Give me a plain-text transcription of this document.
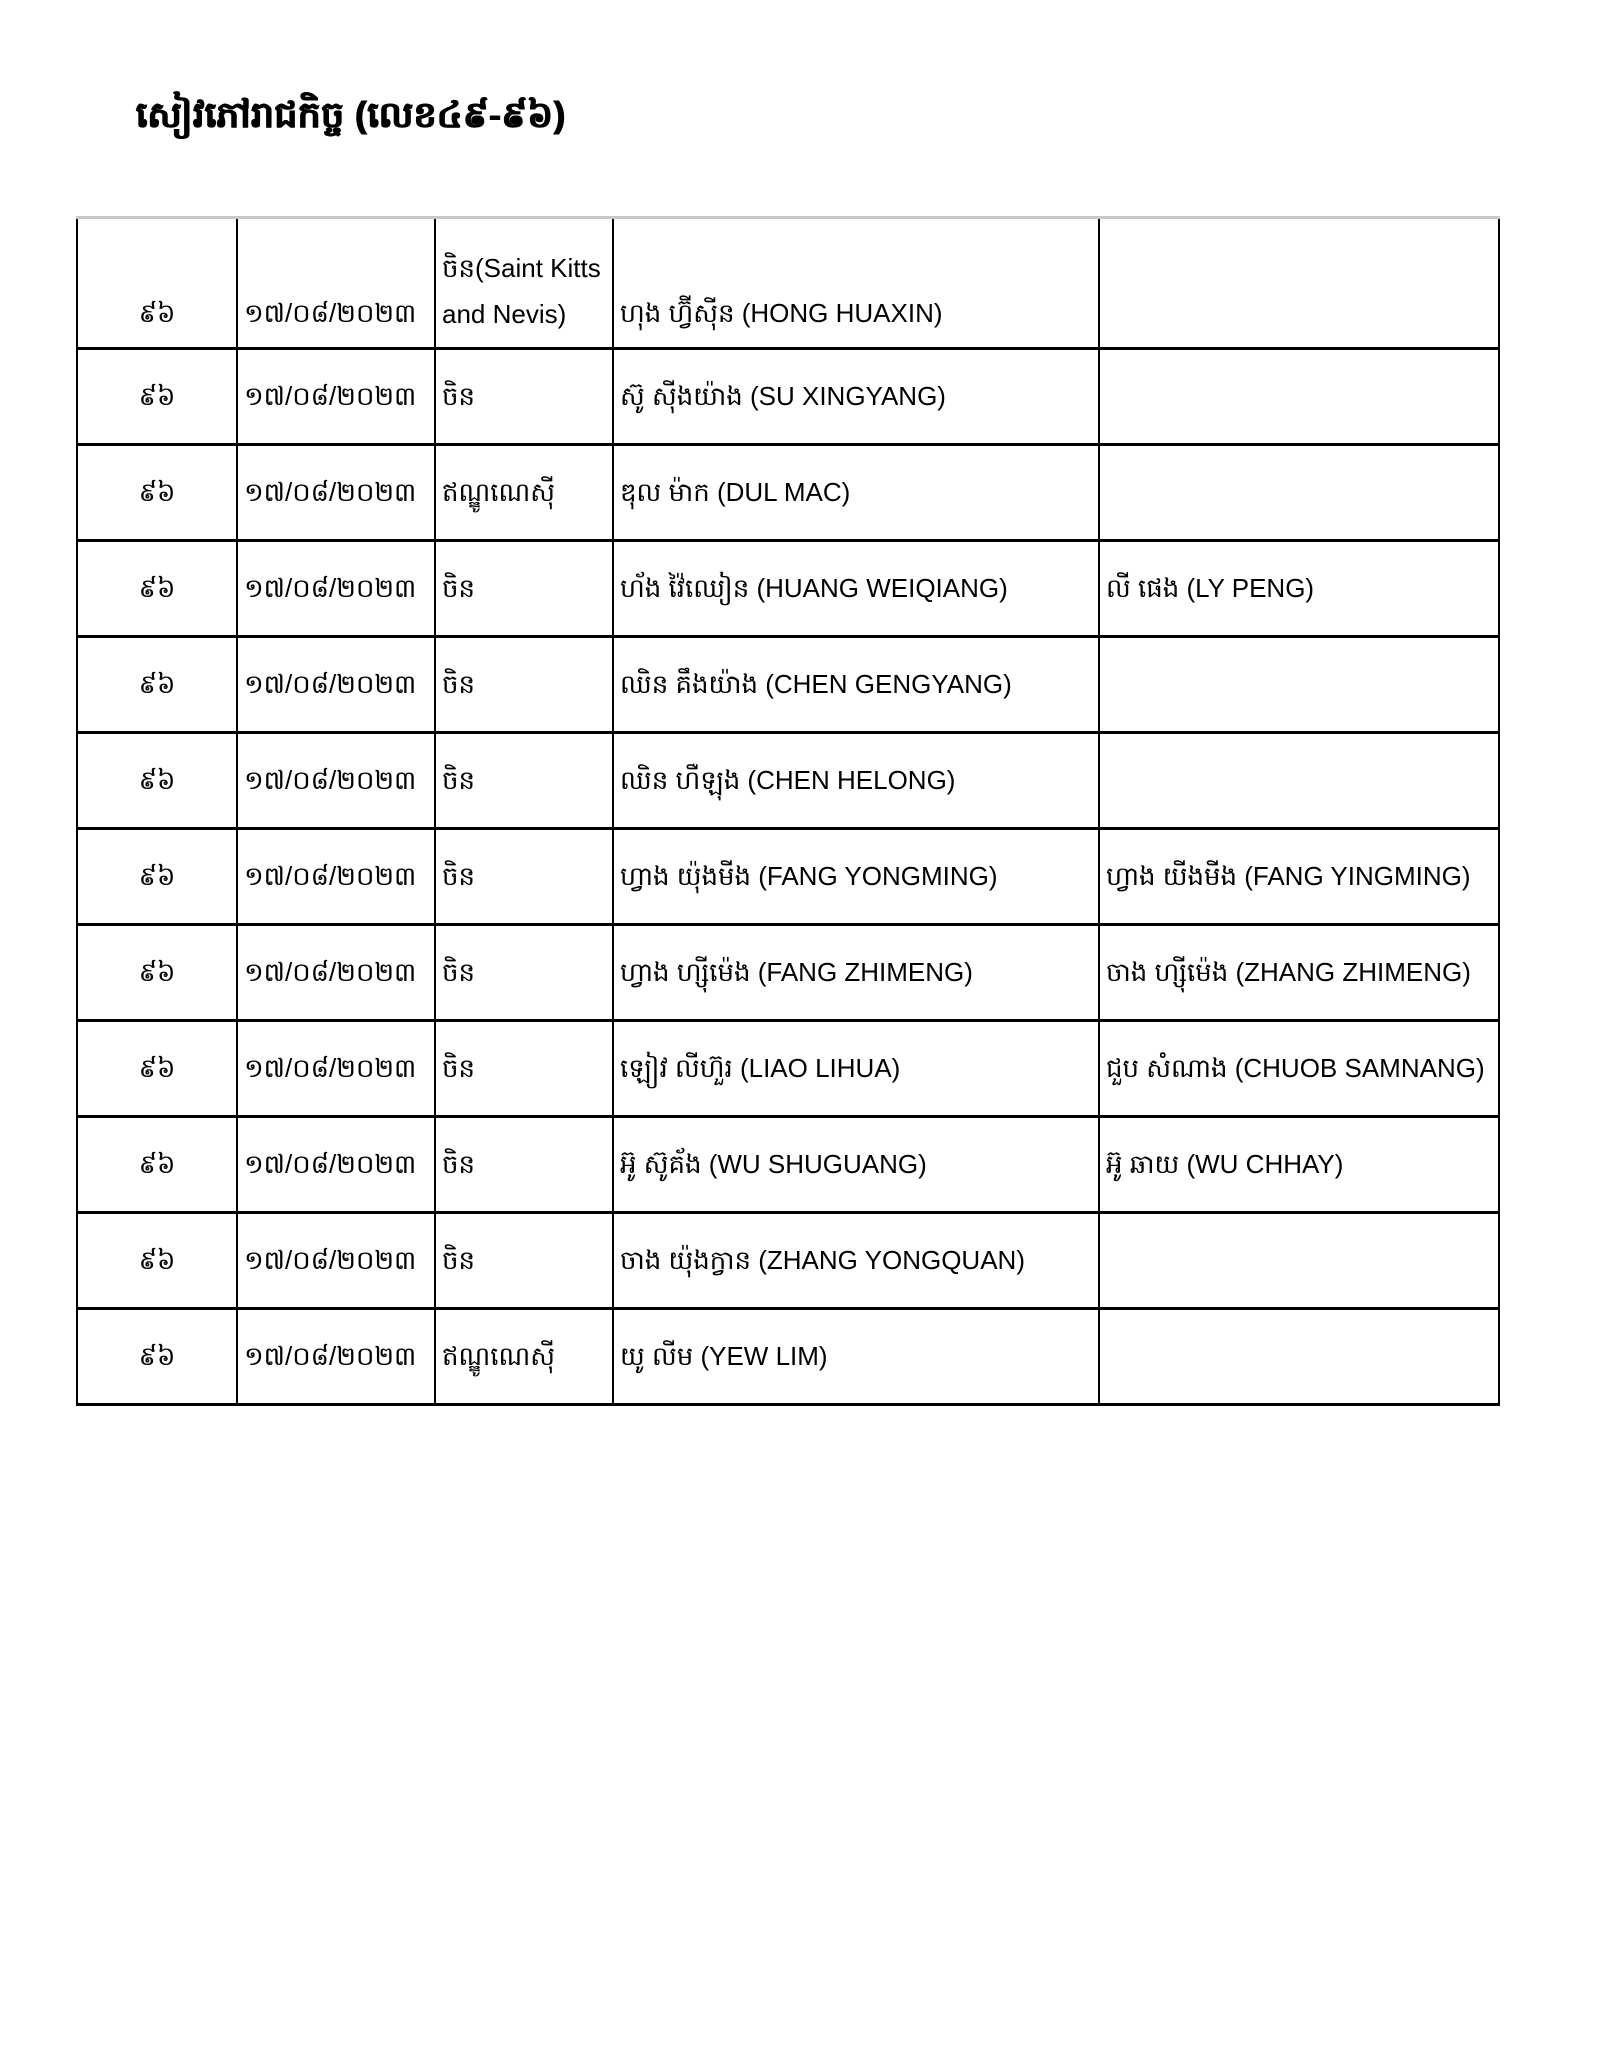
សៀវភៅរាជកិច្ច (លេខ៤៩-៩៦)
៩៦	១៧/០៨/២០២៣	ចិន(Saint Kitts and Nevis)	ហុង ហ្វ៊ីស៊ីន (HONG HUAXIN)	
៩៦	១៧/០៨/២០២៣	ចិន	ស៊ូ ស៊ីងយ៉ាង (SU XINGYANG)	
៩៦	១៧/០៨/២០២៣	ឥណ្ឌូណេស៊ី	ឌុល ម៉ាក (DUL MAC)	
៩៦	១៧/០៨/២០២៣	ចិន	ហ័ង វ៉ៃឈៀន (HUANG WEIQIANG)	លី ផេង (LY PENG)
៩៦	១៧/០៨/២០២៣	ចិន	ឈិន គឹងយ៉ាង (CHEN GENGYANG)	
៩៦	១៧/០៨/២០២៣	ចិន	ឈិន ហឺឡុង (CHEN HELONG)	
៩៦	១៧/០៨/២០២៣	ចិន	ហ្វាង យ៉ុងមីង (FANG YONGMING)	ហ្វាង យីងមីង (FANG YINGMING)
៩៦	១៧/០៨/២០២៣	ចិន	ហ្វាង ហ្ស៊ីម៉េង (FANG ZHIMENG)	ចាង ហ្ស៊ីម៉េង (ZHANG ZHIMENG)
៩៦	១៧/០៨/២០២៣	ចិន	ឡៀវ លីហ៊ួរ (LIAO LIHUA)	ជួប សំណាង (CHUOB SAMNANG)
៩៦	១៧/០៨/២០២៣	ចិន	អ៊ូ ស៊ូគ័ង (WU SHUGUANG)	អ៊ូ ឆាយ (WU CHHAY)
៩៦	១៧/០៨/២០២៣	ចិន	ចាង យ៉ុងក្វាន (ZHANG YONGQUAN)	
៩៦	១៧/០៨/២០២៣	ឥណ្ឌូណេស៊ី	យូ លីម (YEW LIM)	
